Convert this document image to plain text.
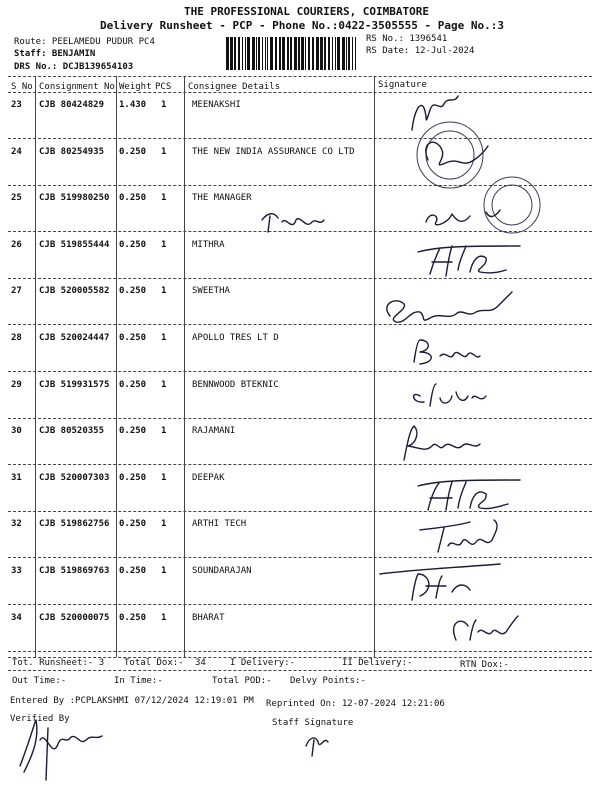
THE PROFESSIONAL COURIERS, COIMBATORE
Delivery Runsheet - PCP - Phone No.:0422-3505555 - Page No.:3
Route: PEELAMEDU PUDUR PC4
Staff: BENJAMIN
DRS No.: DCJB139654103
RS No.: 1396541
RS Date: 12-Jul-2024
S No Consignment No Weight PCS Consignee Details	Signature
23 CJB 80424829 1.430 1	MEENAKSHI
24 CJB 80254935 0.250 1	THE NEW INDIA ASSURANCE CO LTD
25 CJB 519980250 0.250 1	THE MANAGER
26 CJB 519855444 0.250 1	MITHRA
27 CJB 520005582 0.250 1	SWEETHA
28 CJB 520024447 0.250 1	APOLLO TRES LT D
29 CJB 519931575 0.250 1	BENNWOOD BTEKNIC
30 CJB 80520355 0.250 1	RAJAMANI
31 CJB 520007303 0.250 1	DEEPAK
32 CJB 519862756 0.250 1	ARTHI TECH
33 CJB 519869763 0.250 1	SOUNDARAJAN
34 CJB 520000075 0.250 1	BHARAT
Tot. Runsheet:- 3 Total Dox:- 34	I Delivery:-	II Delivery:-	RTN Dox:-
Out Time:-	In Time:-	Total POD:- Delvy Points:-
Entered By :PCPLAKSHMI 07/12/2024 12:19:01 PM Reprinted On: 12-07-2024 12:21:06
Verified By	Staff Signature
